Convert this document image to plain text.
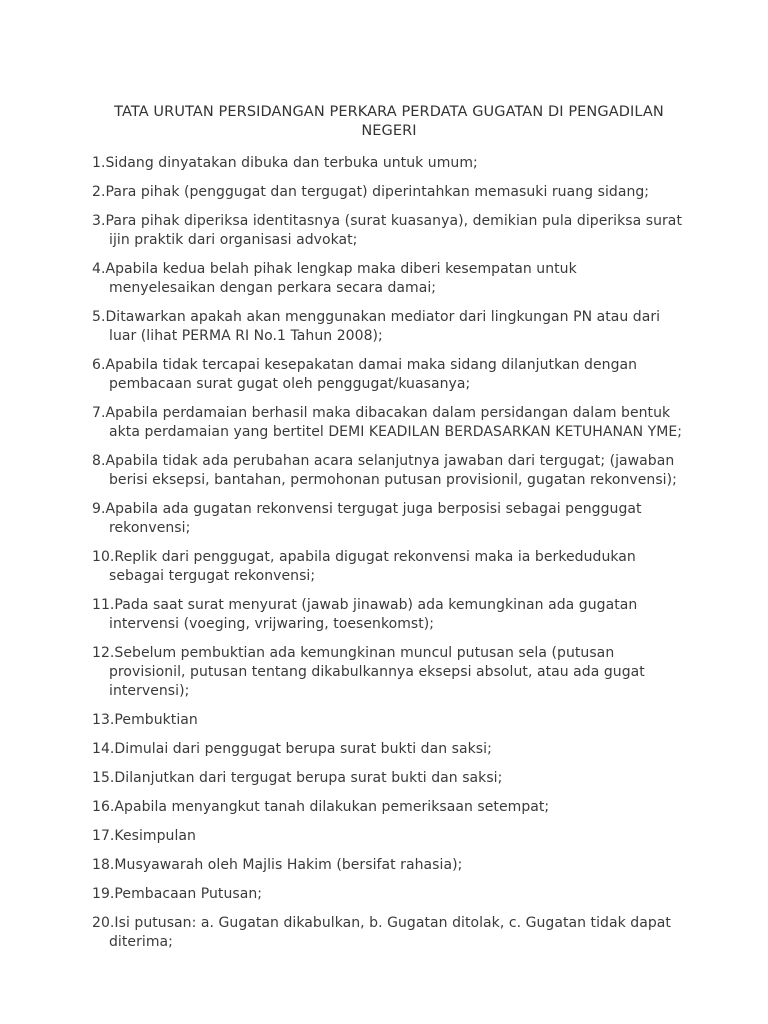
TATA URUTAN PERSIDANGAN PERKARA PERDATA GUGATAN DI PENGADILAN NEGERI
1.Sidang dinyatakan dibuka dan terbuka untuk umum;
2.Para pihak (penggugat dan tergugat) diperintahkan memasuki ruang sidang;
3.Para pihak diperiksa identitasnya (surat kuasanya), demikian pula diperiksa surat ijin praktik dari organisasi advokat;
4.Apabila kedua belah pihak lengkap maka diberi kesempatan untuk menyelesaikan dengan perkara secara damai;
5.Ditawarkan apakah akan menggunakan mediator dari lingkungan PN atau dari luar (lihat PERMA RI No.1 Tahun 2008);
6.Apabila tidak tercapai kesepakatan damai maka sidang dilanjutkan dengan pembacaan surat gugat oleh penggugat/kuasanya;
7.Apabila perdamaian berhasil maka dibacakan dalam persidangan dalam bentuk akta perdamaian yang bertitel DEMI KEADILAN BERDASARKAN KETUHANAN YME;
8.Apabila tidak ada perubahan acara selanjutnya jawaban dari tergugat; (jawaban berisi eksepsi, bantahan, permohonan putusan provisionil, gugatan rekonvensi);
9.Apabila ada gugatan rekonvensi tergugat juga berposisi sebagai penggugat rekonvensi;
10.Replik dari penggugat, apabila digugat rekonvensi maka ia berkedudukan sebagai tergugat rekonvensi;
11.Pada saat surat menyurat (jawab jinawab) ada kemungkinan ada gugatan intervensi (voeging, vrijwaring, toesenkomst);
12.Sebelum pembuktian ada kemungkinan muncul putusan sela (putusan provisionil, putusan tentang dikabulkannya eksepsi absolut, atau ada gugat intervensi);
13.Pembuktian
14.Dimulai dari penggugat berupa surat bukti dan saksi;
15.Dilanjutkan dari tergugat berupa surat bukti dan saksi;
16.Apabila menyangkut tanah dilakukan pemeriksaan setempat;
17.Kesimpulan
18.Musyawarah oleh Majlis Hakim (bersifat rahasia);
19.Pembacaan Putusan;
20.Isi putusan: a. Gugatan dikabulkan, b. Gugatan ditolak, c. Gugatan tidak dapat diterima;
